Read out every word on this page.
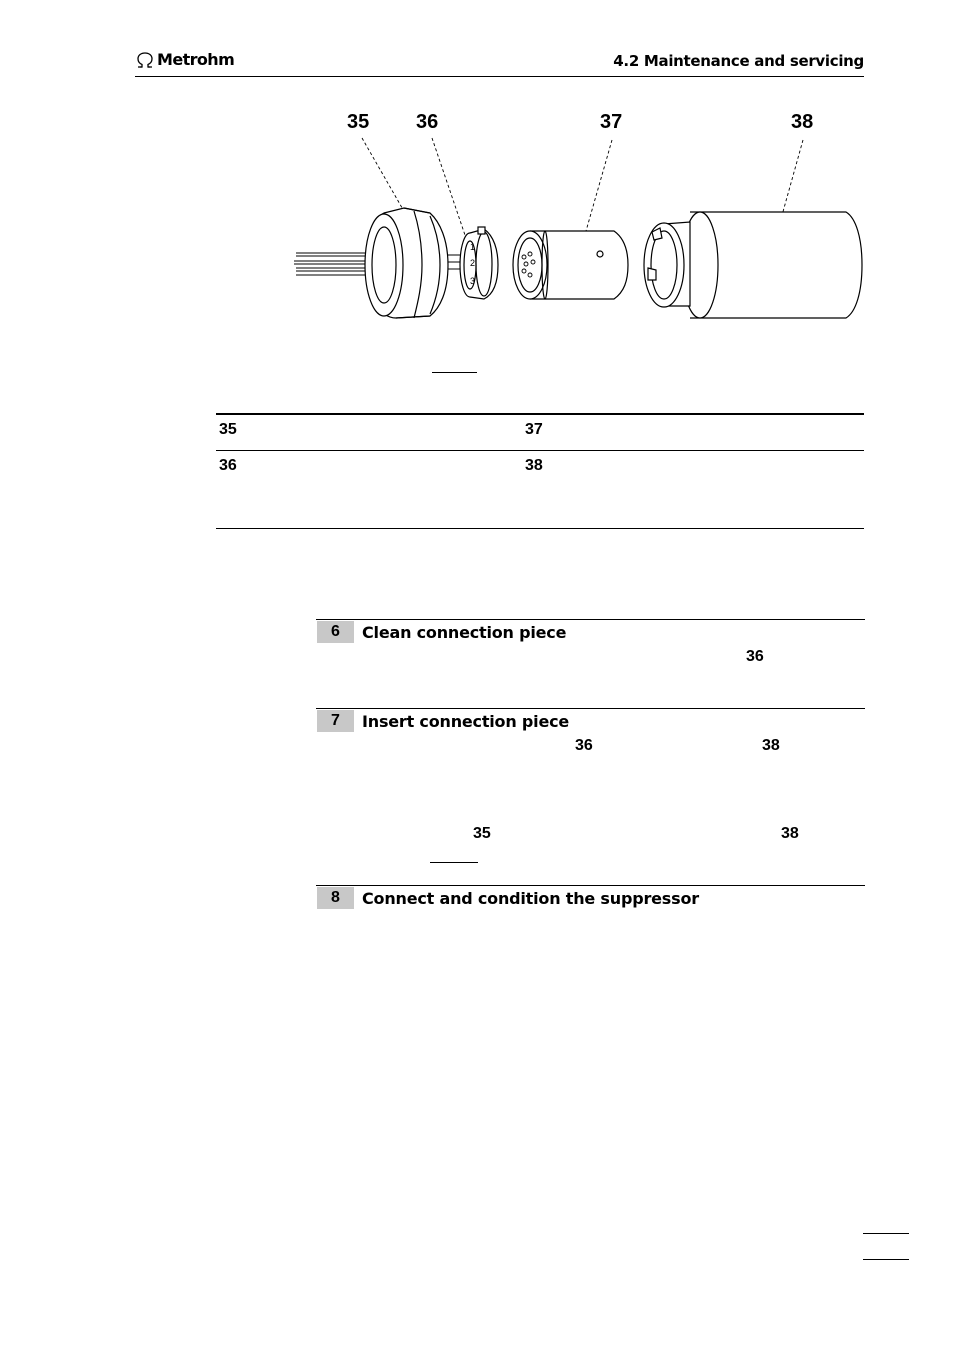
Metrohm	4.2 Maintenance and servicing
35 36	37	38
1
2
3
35	37
36	38
6	Clean connection piece
36
7	Insert connection piece
36	38
35	38
8	Connect and condition the suppressor
